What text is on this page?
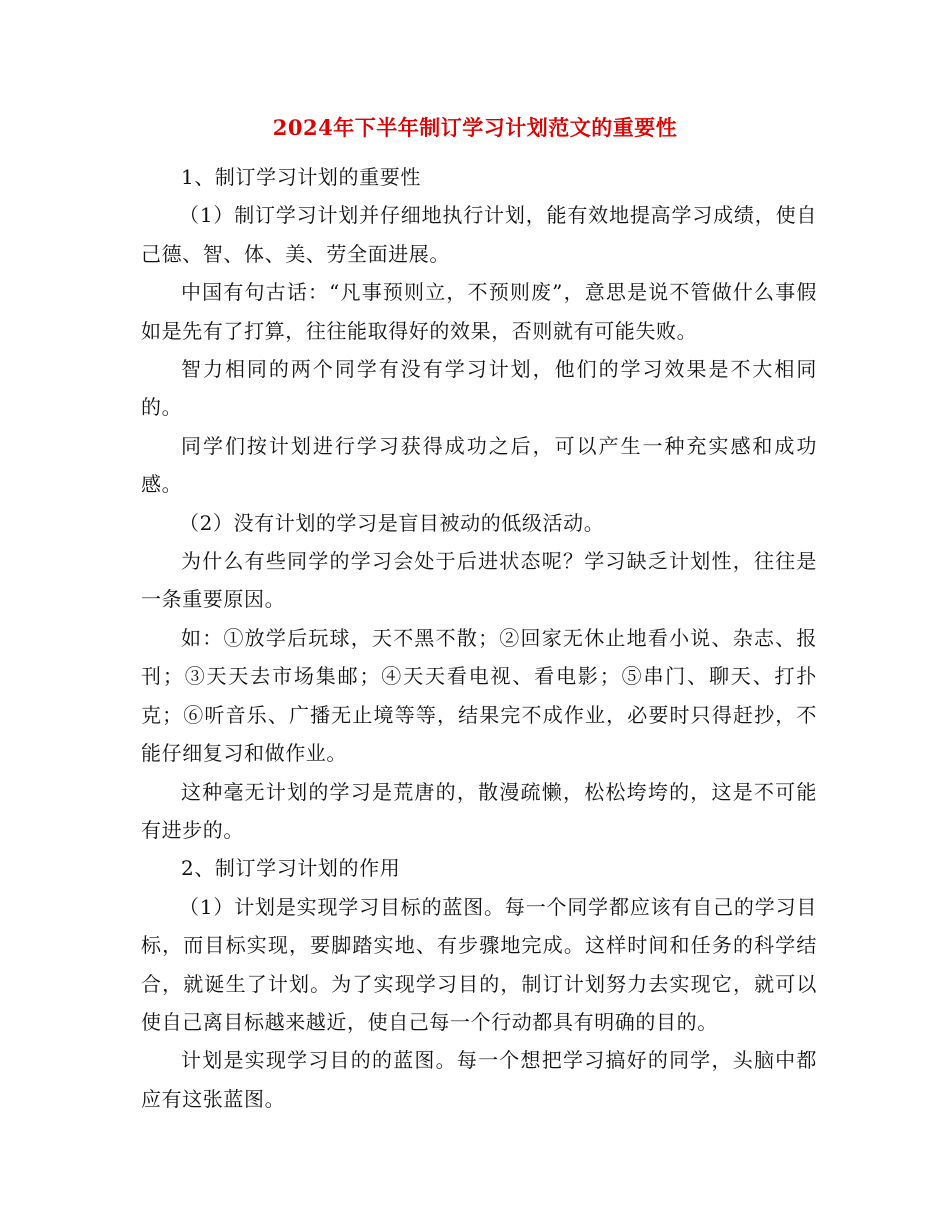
2024年下半年制订学习计划范文的重要性

1、制订学习计划的重要性

（1）制订学习计划并仔细地执行计划，能有效地提高学习成绩，使自己德、智、体、美、劳全面进展。

中国有句古话：“凡事预则立，不预则废”，意思是说不管做什么事假如是先有了打算，往往能取得好的效果，否则就有可能失败。

智力相同的两个同学有没有学习计划，他们的学习效果是不大相同的。

同学们按计划进行学习获得成功之后，可以产生一种充实感和成功感。

（2）没有计划的学习是盲目被动的低级活动。

为什么有些同学的学习会处于后进状态呢？学习缺乏计划性，往往是一条重要原因。

如：①放学后玩球，天不黑不散；②回家无休止地看小说、杂志、报刊；③天天去市场集邮；④天天看电视、看电影；⑤串门、聊天、打扑克；⑥听音乐、广播无止境等等，结果完不成作业，必要时只得赶抄，不能仔细复习和做作业。

这种毫无计划的学习是荒唐的，散漫疏懒，松松垮垮的，这是不可能有进步的。

2、制订学习计划的作用

（1）计划是实现学习目标的蓝图。每一个同学都应该有自己的学习目标，而目标实现，要脚踏实地、有步骤地完成。这样时间和任务的科学结合，就诞生了计划。为了实现学习目的，制订计划努力去实现它，就可以使自己离目标越来越近，使自己每一个行动都具有明确的目的。

计划是实现学习目的的蓝图。每一个想把学习搞好的同学，头脑中都应有这张蓝图。
